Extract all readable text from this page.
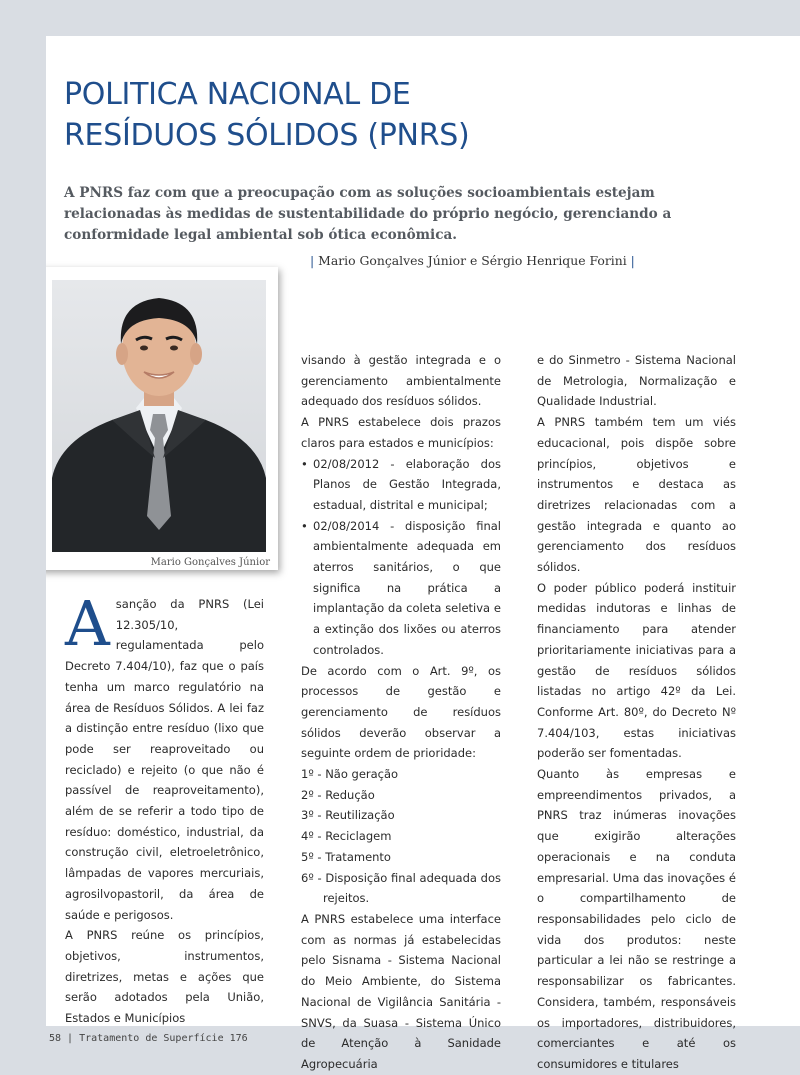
POLITICA NACIONAL DE
RESÍDUOS SÓLIDOS (PNRS)

A PNRS faz com que a preocupação com as soluções socioambientais estejam relacionadas às medidas de sustentabilidade do próprio negócio, gerenciando a conformidade legal ambiental sob ótica econômica.

Mario Gonçalves Júnior
A sanção da PNRS (Lei 12.305/10, regulamentada pelo Decreto 7.404/10), faz que o país tenha um marco regulatório na área de Resíduos Sólidos. A lei faz a distinção entre resíduo (lixo que pode ser reaproveitado ou reciclado) e rejeito (o que não é passível de reaproveitamento), além de se referir a todo tipo de resíduo: doméstico, industrial, da construção civil, eletroeletrônico, lâmpadas de vapores mercuriais, agrosilvopastoril, da área de saúde e perigosos.

A PNRS reúne os princípios, objetivos, instrumentos, diretrizes, metas e ações que serão adotados pela União, Estados e Municípios

| Mario Gonçalves Júnior e Sérgio Henrique Forini |

visando à gestão integrada e o gerenciamento ambientalmente adequado dos resíduos sólidos.

A PNRS estabelece dois prazos claros para estados e municípios:

• 02/08/2012 - elaboração dos Planos de Gestão Integrada, estadual, distrital e municipal;
• 02/08/2014 - disposição final ambientalmente adequada em aterros sanitários, o que significa na prática a implantação da coleta seletiva e a extinção dos lixões ou aterros controlados.

De acordo com o Art. 9º, os processos de gestão e gerenciamento de resíduos sólidos deverão observar a seguinte ordem de prioridade:

1º - Não geração
2º - Redução
3º - Reutilização
4º - Reciclagem
5º - Tratamento
6º - Disposição final adequada dos rejeitos.

A PNRS estabelece uma interface com as normas já estabelecidas pelo Sisnama - Sistema Nacional do Meio Ambiente, do Sistema Nacional de Vigilância Sanitária - SNVS, da Suasa - Sistema Único de Atenção à Sanidade Agropecuária

e do Sinmetro - Sistema Nacional de Metrologia, Normalização e Qualidade Industrial.

A PNRS também tem um viés educacional, pois dispõe sobre princípios, objetivos e instrumentos e destaca as diretrizes relacionadas com a gestão integrada e quanto ao gerenciamento dos resíduos sólidos.

O poder público poderá instituir medidas indutoras e linhas de financiamento para atender prioritariamente iniciativas para a gestão de resíduos sólidos listadas no artigo 42º da Lei. Conforme Art. 80º, do Decreto Nº 7.404/103, estas iniciativas poderão ser fomentadas.

Quanto às empresas e empreendimentos privados, a PNRS traz inúmeras inovações que exigirão alterações operacionais e na conduta empresarial. Uma das inovações é o compartilhamento de responsabilidades pelo ciclo de vida dos produtos: neste particular a lei não se restringe a responsabilizar os fabricantes. Considera, também, responsáveis os importadores, distribuidores, comerciantes e até os consumidores e titulares

58 | Tratamento de Superfície 176
